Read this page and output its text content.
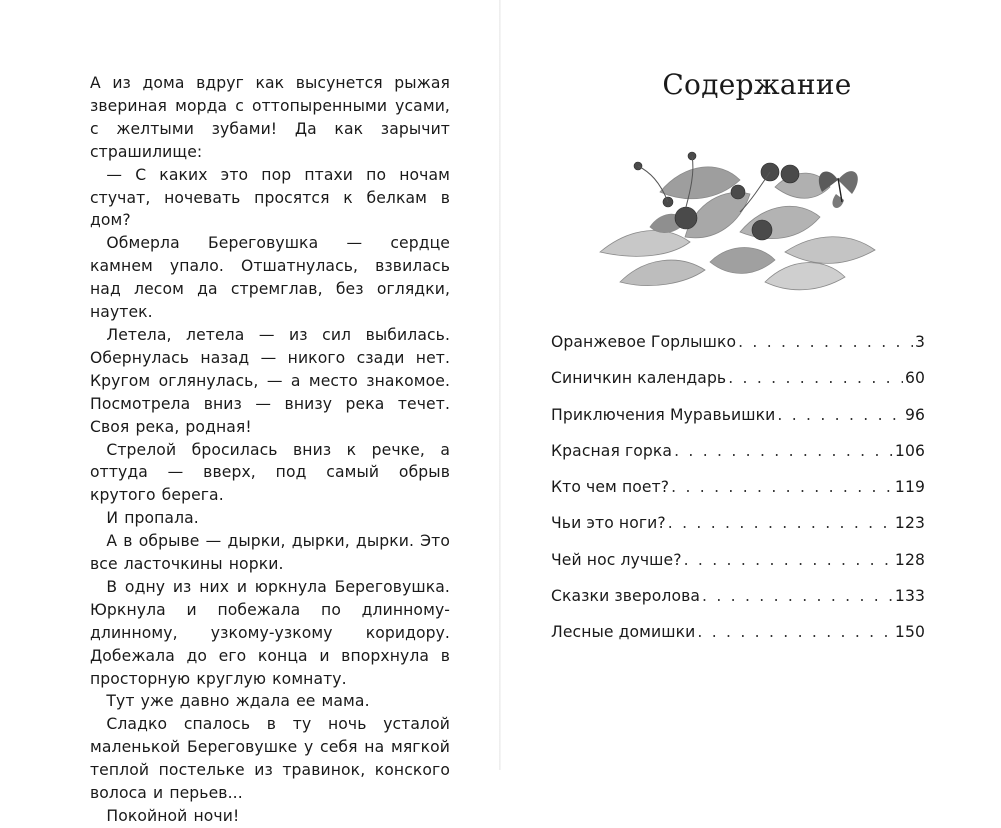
А из дома вдруг как высунется рыжая звериная морда с оттопыренными усами, с желтыми зубами! Да как зарычит страшилище:

— С каких это пор птахи по ночам стучат, ночевать просятся к белкам в дом?

Обмерла Береговушка — сердце камнем упало. Отшатнулась, взвилась над лесом да стремглав, без оглядки, наутек.

Летела, летела — из сил выбилась. Обернулась назад — никого сзади нет. Кругом оглянулась, — а место знакомое. Посмотрела вниз — внизу река течет. Своя река, родная!

Стрелой бросилась вниз к речке, а оттуда — вверх, под самый обрыв крутого берега.

И пропала.

А в обрыве — дырки, дырки, дырки. Это все ласточкины норки.

В одну из них и юркнула Береговушка. Юркнула и побежала по длинному-длинному, узкому-узкому коридору. Добежала до его конца и впорхнула в просторную круглую комнату.

Тут уже давно ждала ее мама.

Сладко спалось в ту ночь усталой маленькой Береговушке у себя на мягкой теплой постельке из травинок, конского волоса и перьев...

Покойной ночи!

Содержание
Оранжевое Горлышко . . .	3
Синичкин календарь . . .	60
Приключения Муравьишки . . .	96
Красная горка . . .	106
Кто чем поет? . . .	119
Чьи это ноги? . . .	123
Чей нос лучше? . . .	128
Сказки зверолова . . .	133
Лесные домишки . . .	150
